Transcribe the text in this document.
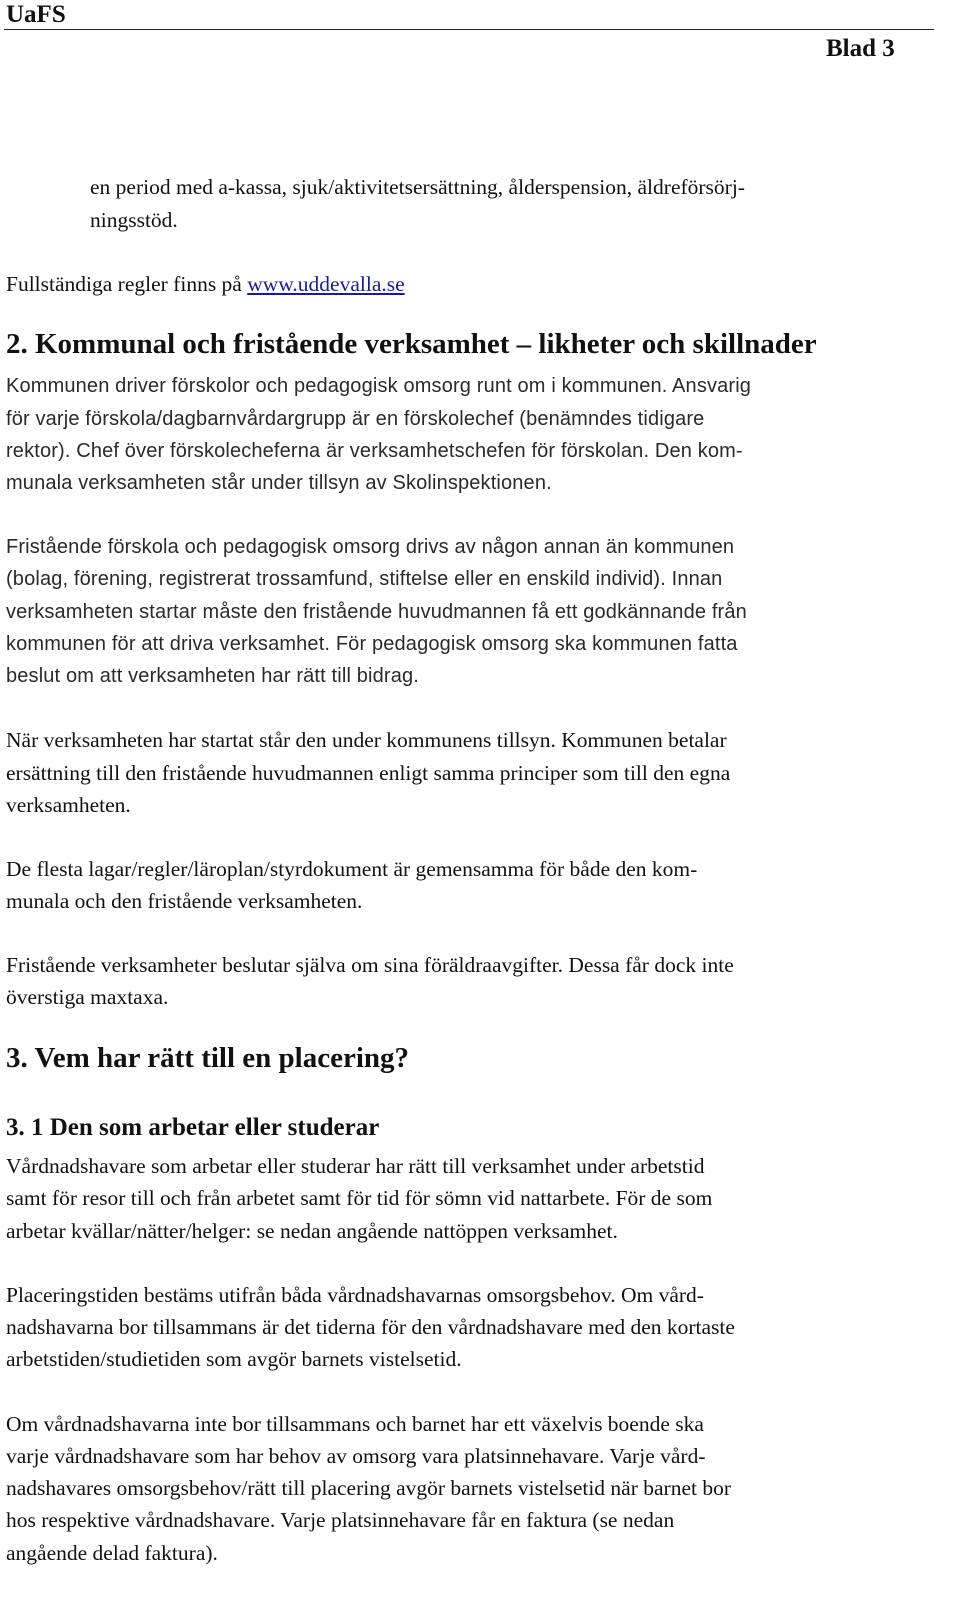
UaFS
Blad 3
en period med a-kassa, sjuk/aktivitetsersättning, ålderspension, äldreförsörj-
ningsstöd.
Fullständiga regler finns på www.uddevalla.se
2. Kommunal och fristående verksamhet – likheter och skillnader
Kommunen driver förskolor och pedagogisk omsorg runt om i kommunen. Ansvarig
för varje förskola/dagbarnvårdargrupp är en förskolechef (benämndes tidigare
rektor). Chef över förskolecheferna är verksamhetschefen för förskolan. Den kom-
munala verksamheten står under tillsyn av Skolinspektionen.
Fristående förskola och pedagogisk omsorg drivs av någon annan än kommunen
(bolag, förening, registrerat trossamfund, stiftelse eller en enskild individ). Innan
verksamheten startar måste den fristående huvudmannen få ett godkännande från
kommunen för att driva verksamhet. För pedagogisk omsorg ska kommunen fatta
beslut om att verksamheten har rätt till bidrag.
När verksamheten har startat står den under kommunens tillsyn. Kommunen betalar
ersättning till den fristående huvudmannen enligt samma principer som till den egna
verksamheten.
De flesta lagar/regler/läroplan/styrdokument är gemensamma för både den kom-
munala och den fristående verksamheten.
Fristående verksamheter beslutar själva om sina föräldraavgifter. Dessa får dock inte
överstiga maxtaxa.
3. Vem har rätt till en placering?
3. 1 Den som arbetar eller studerar
Vårdnadshavare som arbetar eller studerar har rätt till verksamhet under arbetstid
samt för resor till och från arbetet samt för tid för sömn vid nattarbete. För de som
arbetar kvällar/nätter/helger: se nedan angående nattöppen verksamhet.
Placeringstiden bestäms utifrån båda vårdnadshavarnas omsorgsbehov. Om vård-
nadshavarna bor tillsammans är det tiderna för den vårdnadshavare med den kortaste
arbetstiden/studietiden som avgör barnets vistelsetid.
Om vårdnadshavarna inte bor tillsammans och barnet har ett växelvis boende ska
varje vårdnadshavare som har behov av omsorg vara platsinnehavare. Varje vård-
nadshavares omsorgsbehov/rätt till placering avgör barnets vistelsetid när barnet bor
hos respektive vårdnadshavare. Varje platsinnehavare får en faktura (se nedan
angående delad faktura).
